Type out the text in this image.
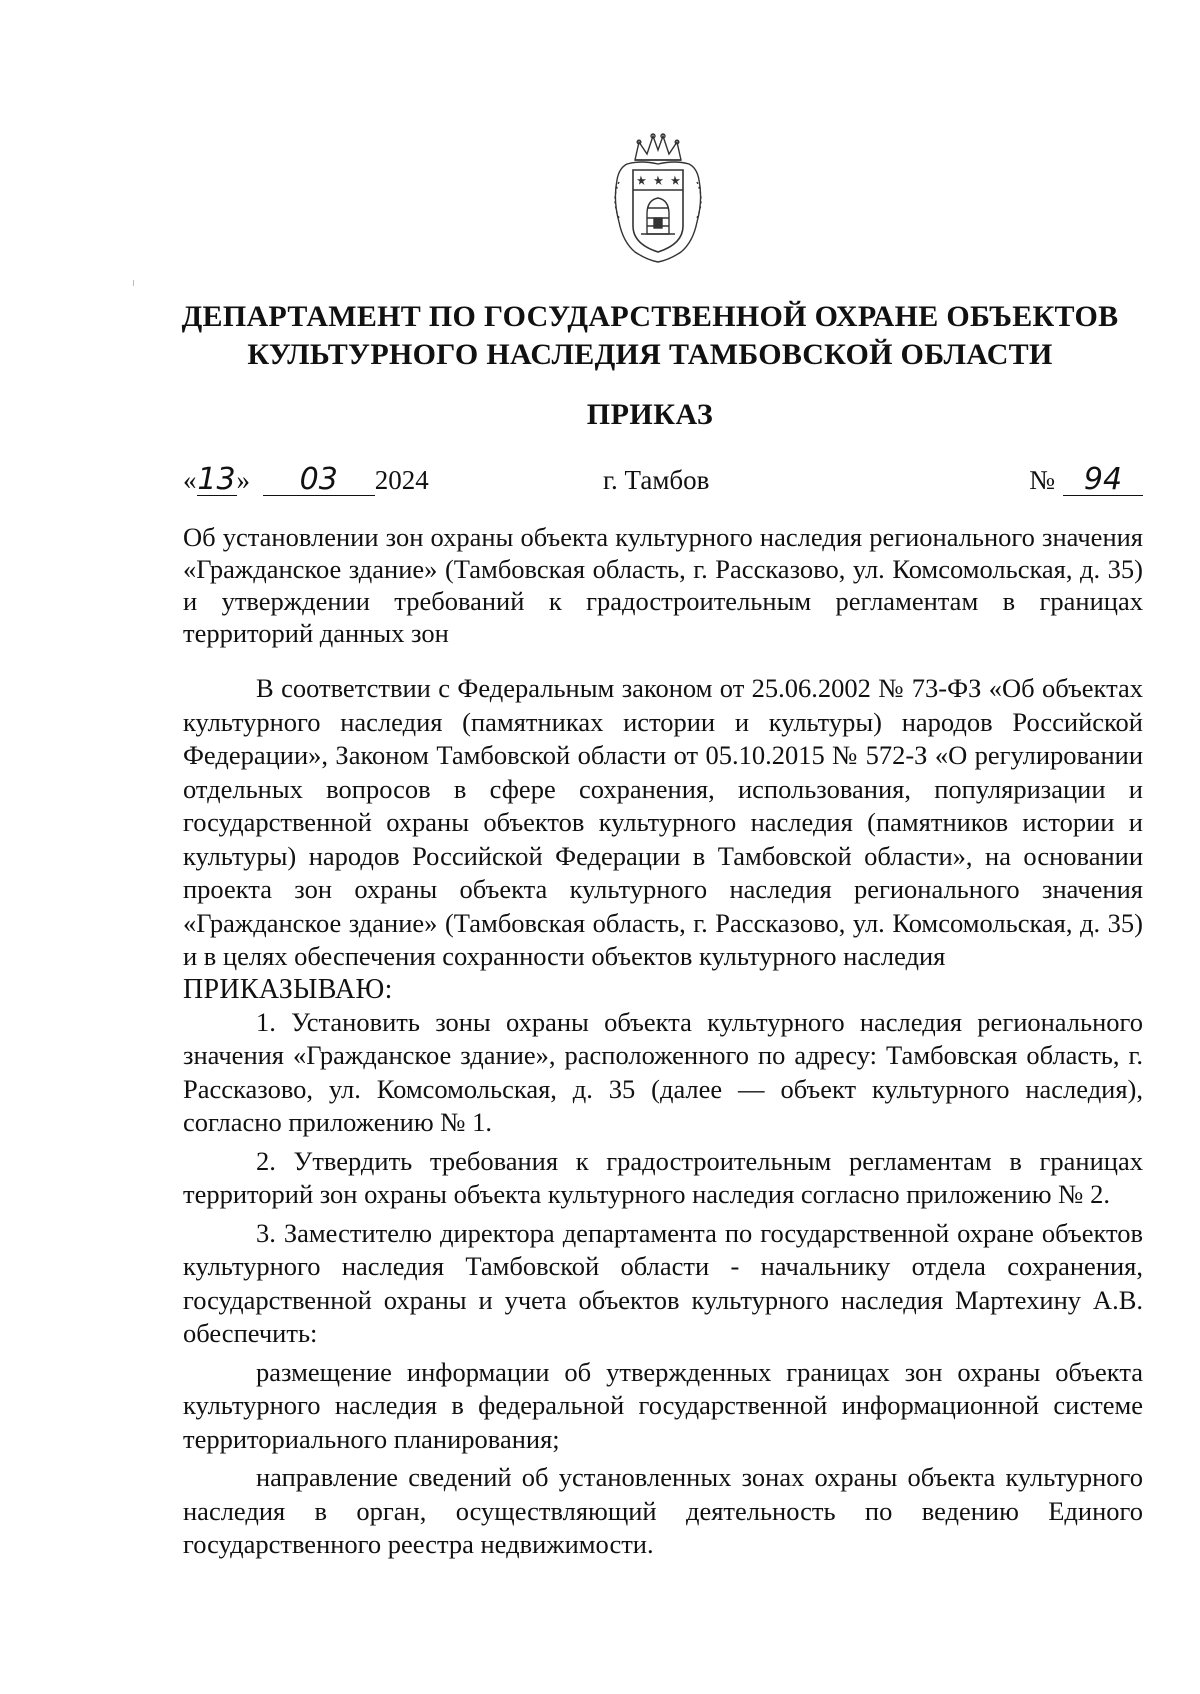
ДЕПАРТАМЕНТ ПО ГОСУДАРСТВЕННОЙ ОХРАНЕ ОБЪЕКТОВ
КУЛЬТУРНОГО НАСЛЕДИЯ ТАМБОВСКОЙ ОБЛАСТИ
ПРИКАЗ
«13» 03 2024	г. Тамбов	№ 94
Об установлении зон охраны объекта культурного наследия регионального значения «Гражданское здание» (Тамбовская область, г. Рассказово, ул. Комсомольская, д. 35) и утверждении требований к градостроительным регламентам в границах территорий данных зон

В соответствии с Федеральным законом от 25.06.2002 № 73-ФЗ «Об объектах культурного наследия (памятниках истории и культуры) народов Российской Федерации», Законом Тамбовской области от 05.10.2015 № 572-З «О регулировании отдельных вопросов в сфере сохранения, использования, популяризации и государственной охраны объектов культурного наследия (памятников истории и культуры) народов Российской Федерации в Тамбовской области», на основании проекта зон охраны объекта культурного наследия регионального значения «Гражданское здание» (Тамбовская область, г. Рассказово, ул. Комсомольская, д. 35) и в целях обеспечения сохранности объектов культурного наследия

ПРИКАЗЫВАЮ:

1. Установить зоны охраны объекта культурного наследия регионального значения «Гражданское здание», расположенного по адресу: Тамбовская область, г. Рассказово, ул. Комсомольская, д. 35 (далее — объект культурного наследия), согласно приложению № 1.

2. Утвердить требования к градостроительным регламентам в границах территорий зон охраны объекта культурного наследия согласно приложению № 2.

3. Заместителю директора департамента по государственной охране объектов культурного наследия Тамбовской области - начальнику отдела сохранения, государственной охраны и учета объектов культурного наследия Мартехину А.В. обеспечить:

размещение информации об утвержденных границах зон охраны объекта культурного наследия в федеральной государственной информационной системе территориального планирования;

направление сведений об установленных зонах охраны объекта культурного наследия в орган, осуществляющий деятельность по ведению Единого государственного реестра недвижимости.
